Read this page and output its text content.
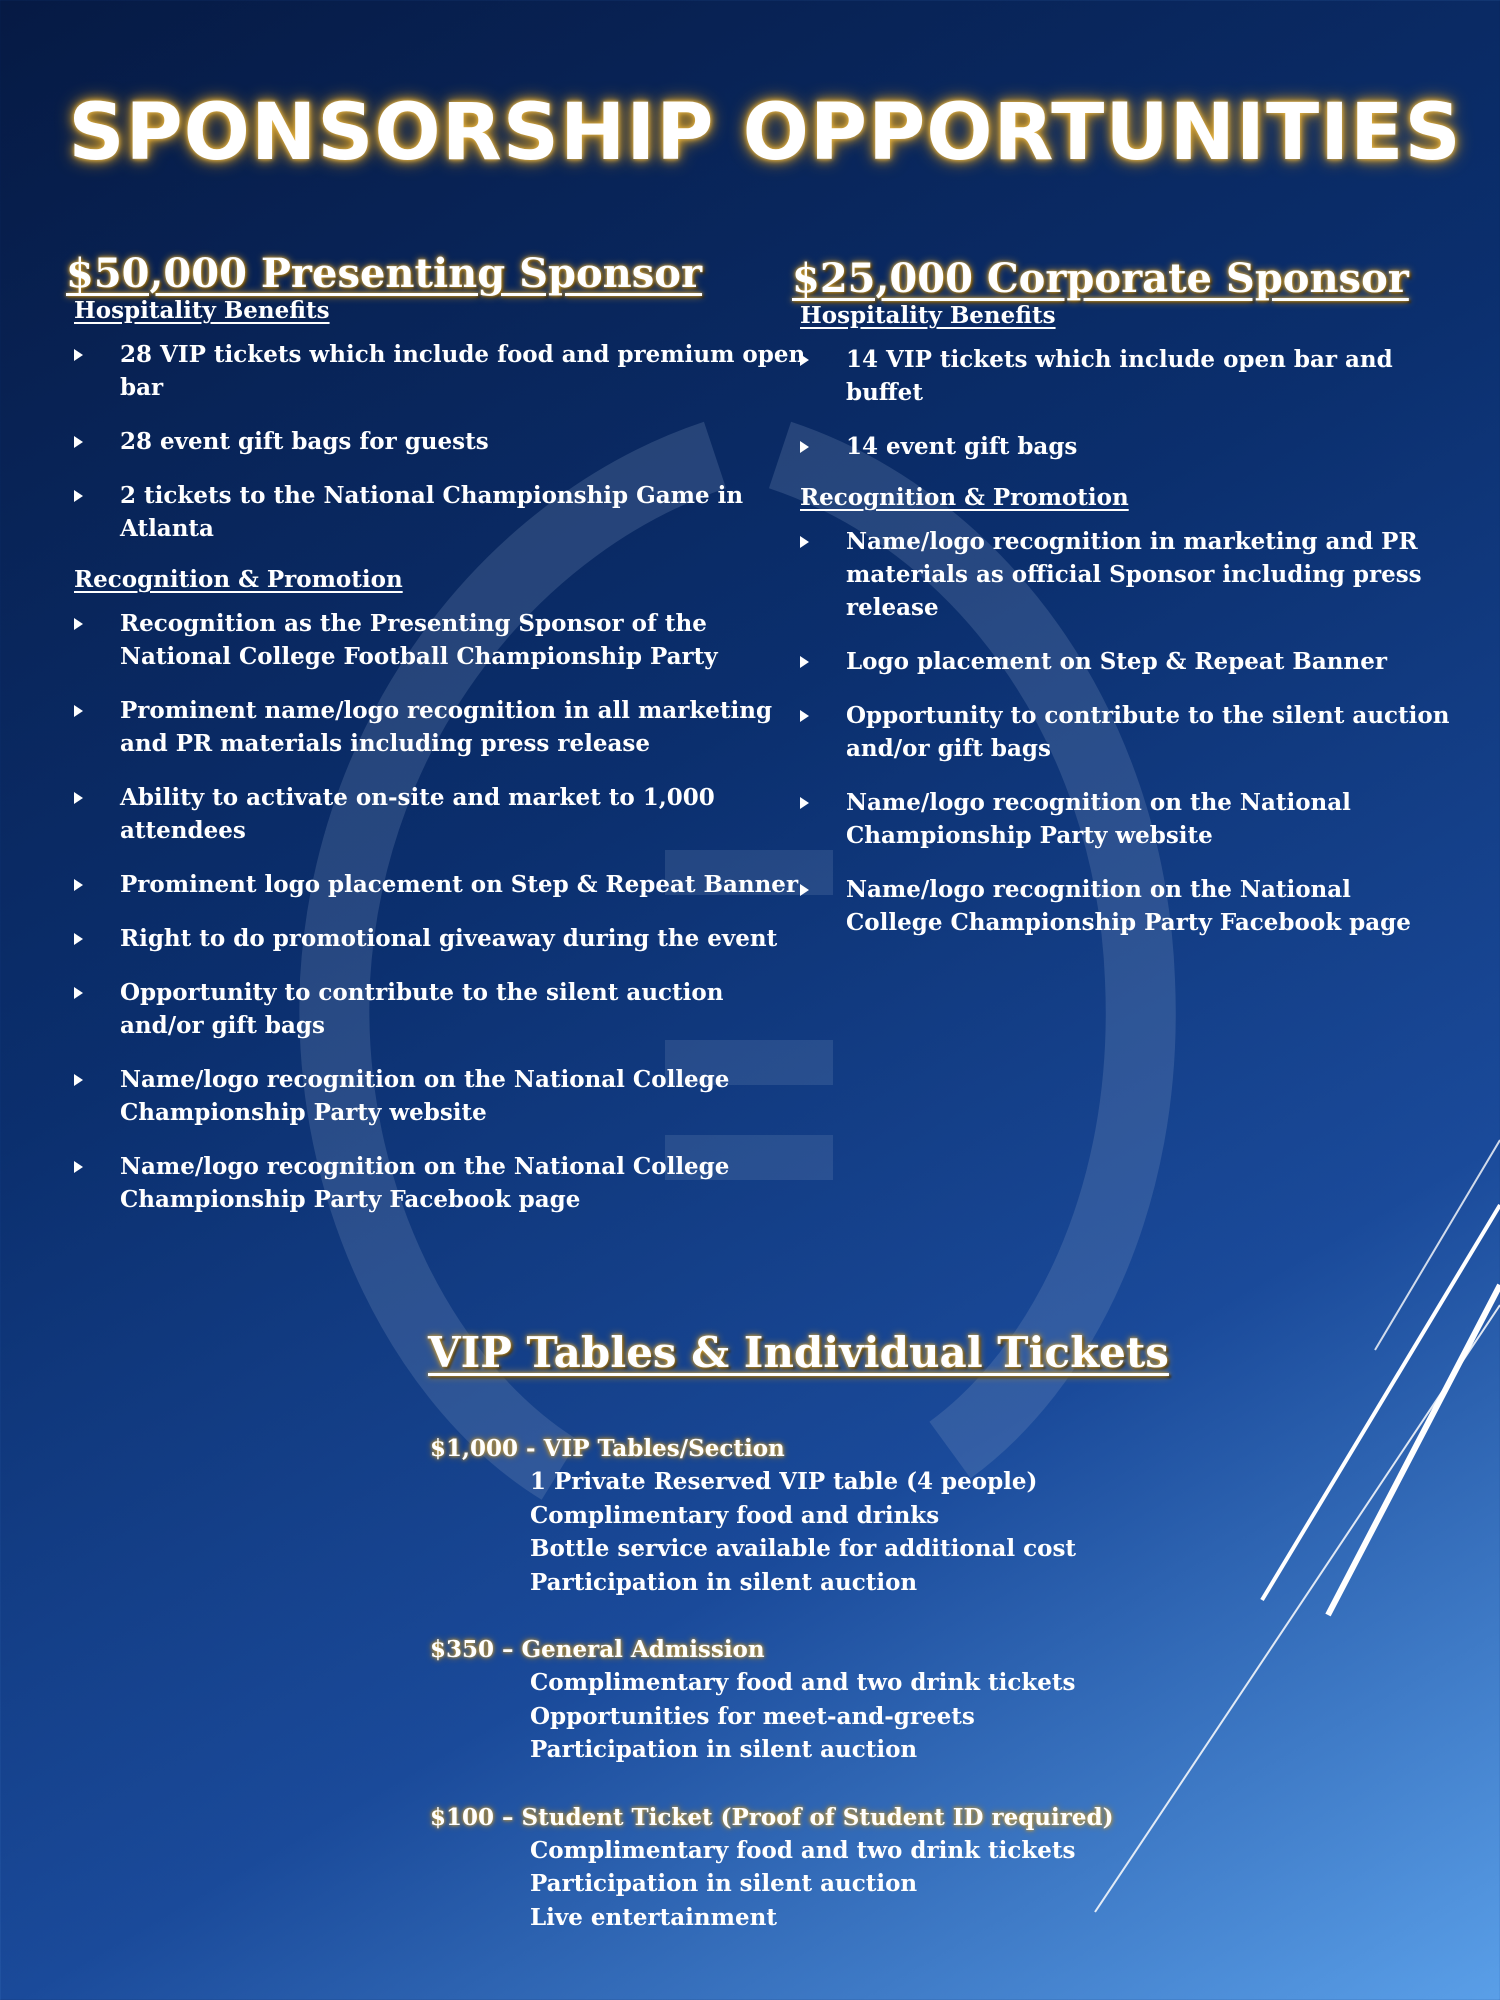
SPONSORSHIP OPPORTUNITIES
$50,000 Presenting Sponsor
Hospitality Benefits
28 VIP tickets which include food and premium open bar
28 event gift bags for guests
2 tickets to the National Championship Game in Atlanta
Recognition & Promotion
Recognition as the Presenting Sponsor of the National College Football Championship Party
Prominent name/logo recognition in all marketing and PR materials including press release
Ability to activate on-site and market to 1,000 attendees
Prominent logo placement on Step & Repeat Banner
Right to do promotional giveaway during the event
Opportunity to contribute to the silent auction and/or gift bags
Name/logo recognition on the National College Championship Party website
Name/logo recognition on the National College Championship Party Facebook page
$25,000 Corporate Sponsor
Hospitality Benefits
14 VIP tickets which include open bar and buffet
14 event gift bags
Recognition & Promotion
Name/logo recognition in marketing and PR materials as official Sponsor including press release
Logo placement on Step & Repeat Banner
Opportunity to contribute to the silent auction and/or gift bags
Name/logo recognition on the National Championship Party website
Name/logo recognition on the National College Championship Party Facebook page
VIP Tables & Individual Tickets
$1,000 - VIP Tables/Section
1 Private Reserved VIP table (4 people)
Complimentary food and drinks
Bottle service available for additional cost
Participation in silent auction
$350 – General Admission
Complimentary food and two drink tickets
Opportunities for meet-and-greets
Participation in silent auction
$100 – Student Ticket (Proof of Student ID required)
Complimentary food and two drink tickets
Participation in silent auction
Live entertainment
